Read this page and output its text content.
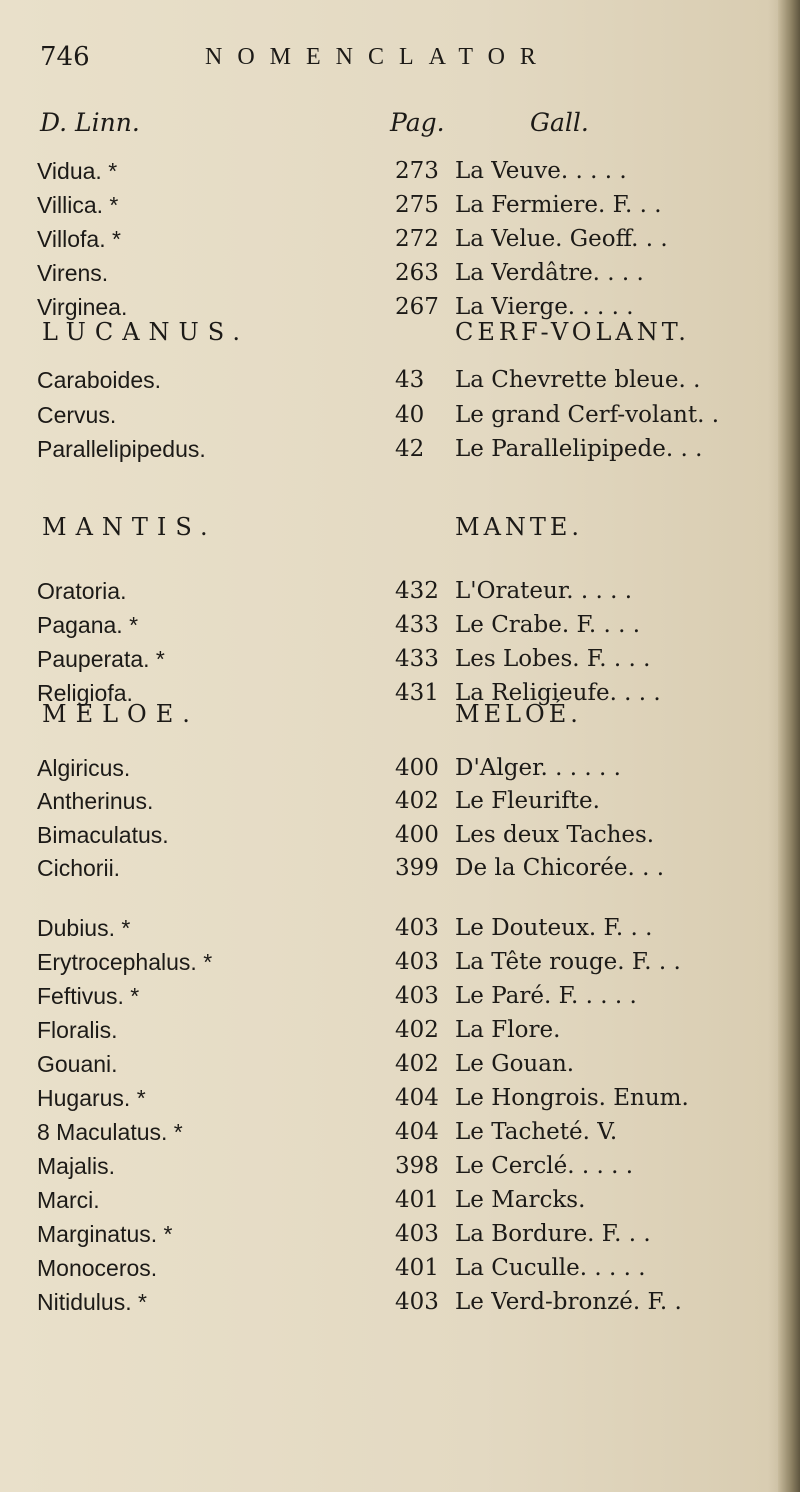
746	NOMENCLATOR
D. Linn.	Pag.	Gall.
Vidua. *	273 La Veuve. . . . .
Villica. *	275 La Fermiere. F. . .
Villofa. *	272 La Velue. Geoff. . .
Virens.	263 La Verdâtre. . . .
Virginea.	267 La Vierge. . . . .
LUCANUS.	CERF-VOLANT.
Caraboides.	43 La Chevrette bleue. .
Cervus.	40 Le grand Cerf-volant. .
Parallelipipedus.	42 Le Parallelipipede. . .
MANTIS.	MANTE.
Oratoria.	432 L'Orateur. . . . .
Pagana. *	433 Le Crabe. F. . . .
Pauperata. *	433 Les Lobes. F. . . .
Religiofa.	431 La Religieufe. . . .
MELOE.	MELOÉ.
Algiricus.	400 D'Alger. . . . . .
Antherinus.	402 Le Fleurifte.
Bimaculatus.	400 Les deux Taches.
Cichorii.	399 De la Chicorée. . .
Dubius. *	403 Le Douteux. F. . .
Erytrocephalus. *	403 La Tête rouge. F. . .
Feftivus. *	403 Le Paré. F. . . . .
Floralis.	402 La Flore.
Gouani.	402 Le Gouan.
Hugarus. *	404 Le Hongrois. Enum.
8 Maculatus. *	404 Le Tacheté. V.
Majalis.	398 Le Cerclé. . . . .
Marci.	401 Le Marcks.
Marginatus. *	403 La Bordure. F. . .
Monoceros.	401 La Cuculle. . . . .
Nitidulus. *	403 Le Verd-bronzé. F. .
